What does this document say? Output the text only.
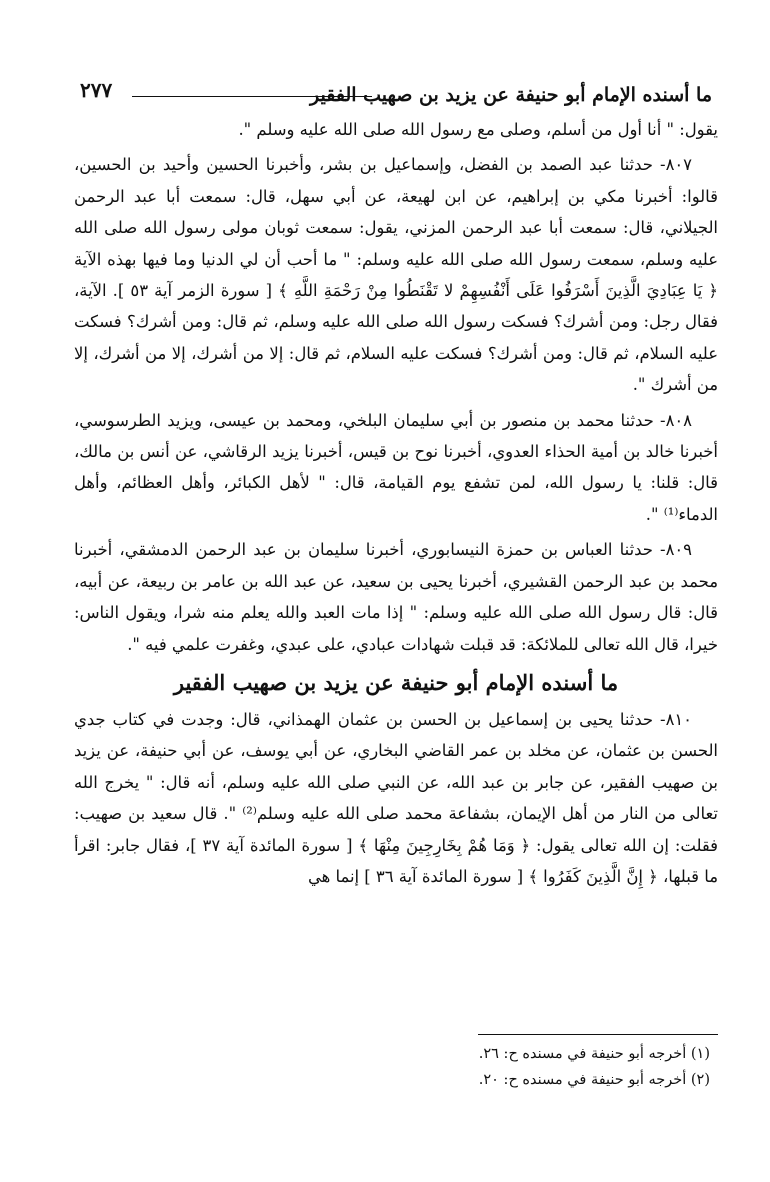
ما أسنده الإمام أبو حنيفة عن يزيد بن صهيب الفقير
٢٧٧

يقول: " أنا أول من أسلم، وصلى مع رسول الله صلى الله عليه وسلم ".

٨٠٧- حدثنا عبد الصمد بن الفضل، وإسماعيل بن بشر، وأخبرنا الحسين وأحيد بن الحسين، قالوا: أخبرنا مكي بن إبراهيم، عن ابن لهيعة، عن أبي سهل، قال: سمعت أبا عبد الرحمن الجيلاني، قال: سمعت أبا عبد الرحمن المزني، يقول: سمعت ثوبان مولى رسول الله صلى الله عليه وسلم، سمعت رسول الله صلى الله عليه وسلم: " ما أحب أن لي الدنيا وما فيها بهذه الآية ﴿ يَا عِبَادِيَ الَّذِينَ أَسْرَفُوا عَلَى أَنْفُسِهِمْ لا تَقْنَطُوا مِنْ رَحْمَةِ اللَّهِ ﴾ [ سورة الزمر آية ٥٣ ]. الآية، فقال رجل: ومن أشرك؟ فسكت رسول الله صلى الله عليه وسلم، ثم قال: ومن أشرك؟ فسكت عليه السلام، ثم قال: ومن أشرك؟ فسكت عليه السلام، ثم قال: إلا من أشرك، إلا من أشرك، إلا من أشرك ".

٨٠٨- حدثنا محمد بن منصور بن أبي سليمان البلخي، ومحمد بن عيسى، ويزيد الطرسوسي، أخبرنا خالد بن أمية الحذاء العدوي، أخبرنا نوح بن قيس، أخبرنا يزيد الرقاشي، عن أنس بن مالك، قال: قلنا: يا رسول الله، لمن تشفع يوم القيامة، قال: " لأهل الكبائر، وأهل العظائم، وأهل الدماء⁽¹⁾ ".

٨٠٩- حدثنا العباس بن حمزة النيسابوري، أخبرنا سليمان بن عبد الرحمن الدمشقي، أخبرنا محمد بن عبد الرحمن القشيري، أخبرنا يحيى بن سعيد، عن عبد الله بن عامر بن ربيعة، عن أبيه، قال: قال رسول الله صلى الله عليه وسلم: " إذا مات العبد والله يعلم منه شرا، ويقول الناس: خيرا، قال الله تعالى للملائكة: قد قبلت شهادات عبادي، على عبدي، وغفرت علمي فيه ".

ما أسنده الإمام أبو حنيفة عن يزيد بن صهيب الفقير

٨١٠- حدثنا يحيى بن إسماعيل بن الحسن بن عثمان الهمذاني، قال: وجدت في كتاب جدي الحسن بن عثمان، عن مخلد بن عمر القاضي البخاري، عن أبي يوسف، عن أبي حنيفة، عن يزيد بن صهيب الفقير، عن جابر بن عبد الله، عن النبي صلى الله عليه وسلم، أنه قال: " يخرج الله تعالى من النار من أهل الإيمان، بشفاعة محمد صلى الله عليه وسلم⁽²⁾ ". قال سعيد بن صهيب: فقلت: إن الله تعالى يقول: ﴿ وَمَا هُمْ بِخَارِجِينَ مِنْهَا ﴾ [ سورة المائدة آية ٣٧ ]، فقال جابر: اقرأ ما قبلها، ﴿ إِنَّ الَّذِينَ كَفَرُوا ﴾ [ سورة المائدة آية ٣٦ ] إنما هي

(١) أخرجه أبو حنيفة في مسنده ح: ٢٦.
(٢) أخرجه أبو حنيفة في مسنده ح: ٢٠.
